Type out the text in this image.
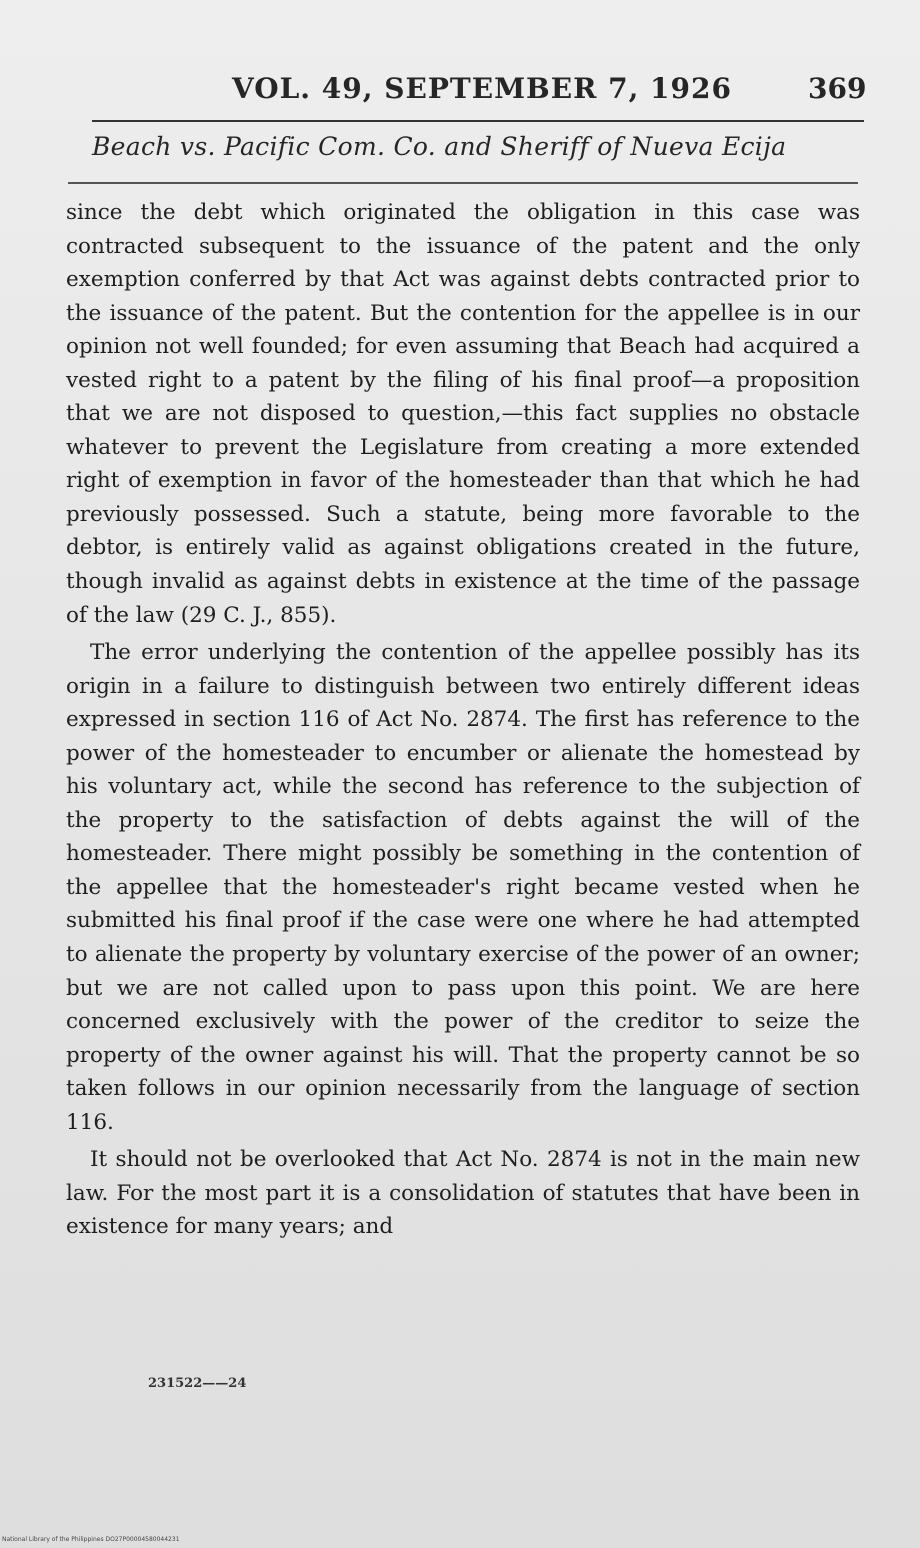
VOL. 49, SEPTEMBER 7, 1926	369
Beach vs. Pacific Com. Co. and Sheriff of Nueva Ecija

since the debt which originated the obligation in this case was contracted subsequent to the issuance of the patent and the only exemption conferred by that Act was against debts contracted prior to the issuance of the patent. But the contention for the appellee is in our opinion not well founded; for even assuming that Beach had acquired a vested right to a patent by the filing of his final proof—a proposition that we are not disposed to question,—this fact supplies no obstacle whatever to prevent the Legislature from creating a more extended right of exemption in favor of the homesteader than that which he had previously possessed. Such a statute, being more favorable to the debtor, is entirely valid as against obligations created in the future, though invalid as against debts in existence at the time of the passage of the law (29 C. J., 855).

The error underlying the contention of the appellee possibly has its origin in a failure to distinguish between two entirely different ideas expressed in section 116 of Act No. 2874. The first has reference to the power of the homesteader to encumber or alienate the homestead by his voluntary act, while the second has reference to the subjection of the property to the satisfaction of debts against the will of the homesteader. There might possibly be something in the contention of the appellee that the homesteader's right became vested when he submitted his final proof if the case were one where he had attempted to alienate the property by voluntary exercise of the power of an owner; but we are not called upon to pass upon this point. We are here concerned exclusively with the power of the creditor to seize the property of the owner against his will. That the property cannot be so taken follows in our opinion necessarily from the language of section 116.

It should not be overlooked that Act No. 2874 is not in the main new law. For the most part it is a consolidation of statutes that have been in existence for many years; and

231522——24
National Library of the Philippines DO27P00004580044231
